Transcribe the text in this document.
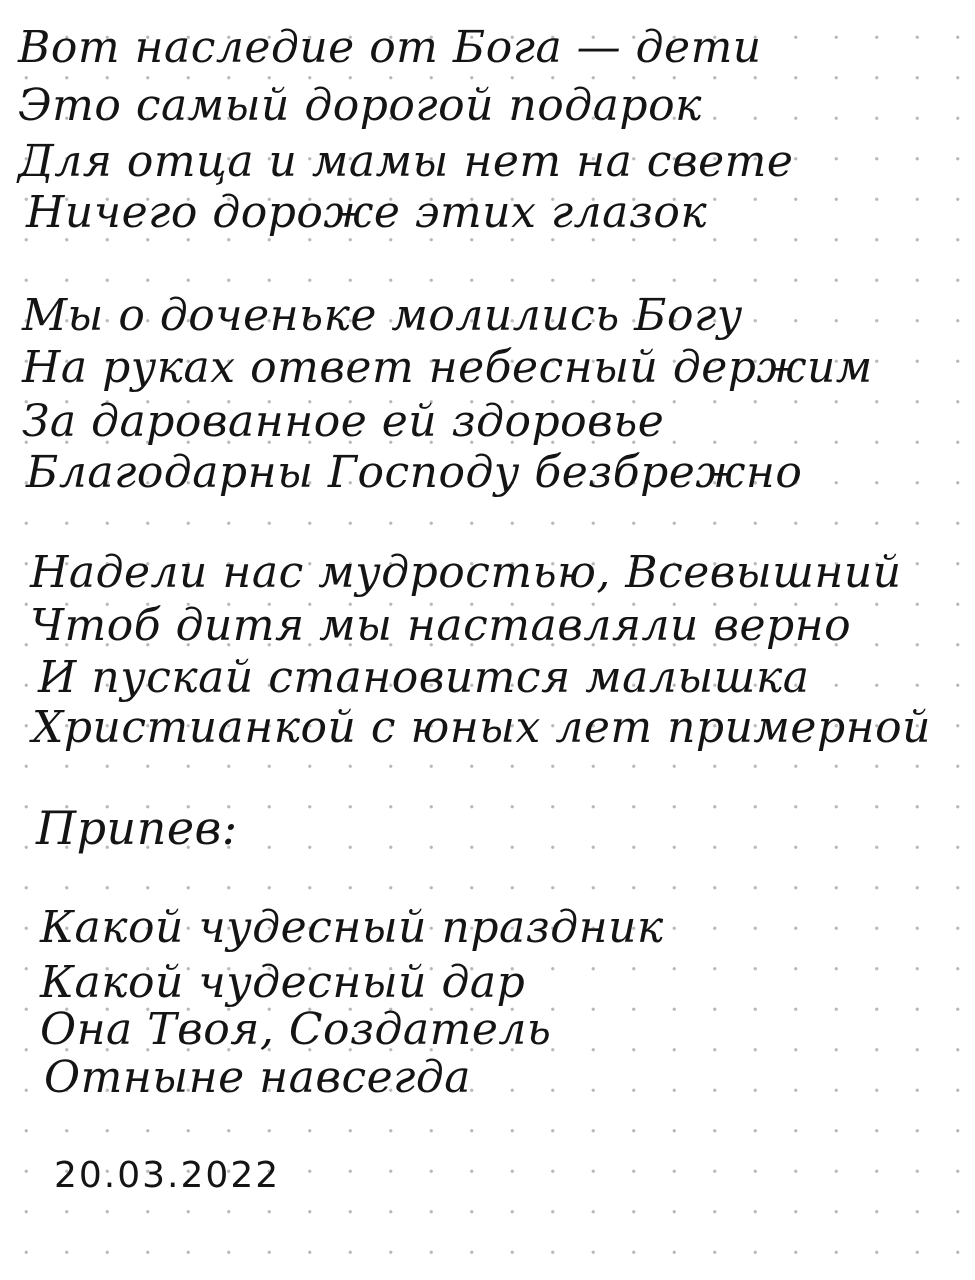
Вот наследие от Бога — дети

Это самый дорогой подарок

Для отца и мамы нет на свете

Ничего дороже этих глазок

Мы о доченьке молились Богу

На руках ответ небесный держим

За дарованное ей здоровье

Благодарны Господу безбрежно

Надели нас мудростью, Всевышний

Чтоб дитя мы наставляли верно

И пускай становится малышка

Христианкой с юных лет примерной

Припев:

Какой чудесный праздник

Какой чудесный дар

Она Твоя, Создатель

Отныне навсегда

20.03.2022
